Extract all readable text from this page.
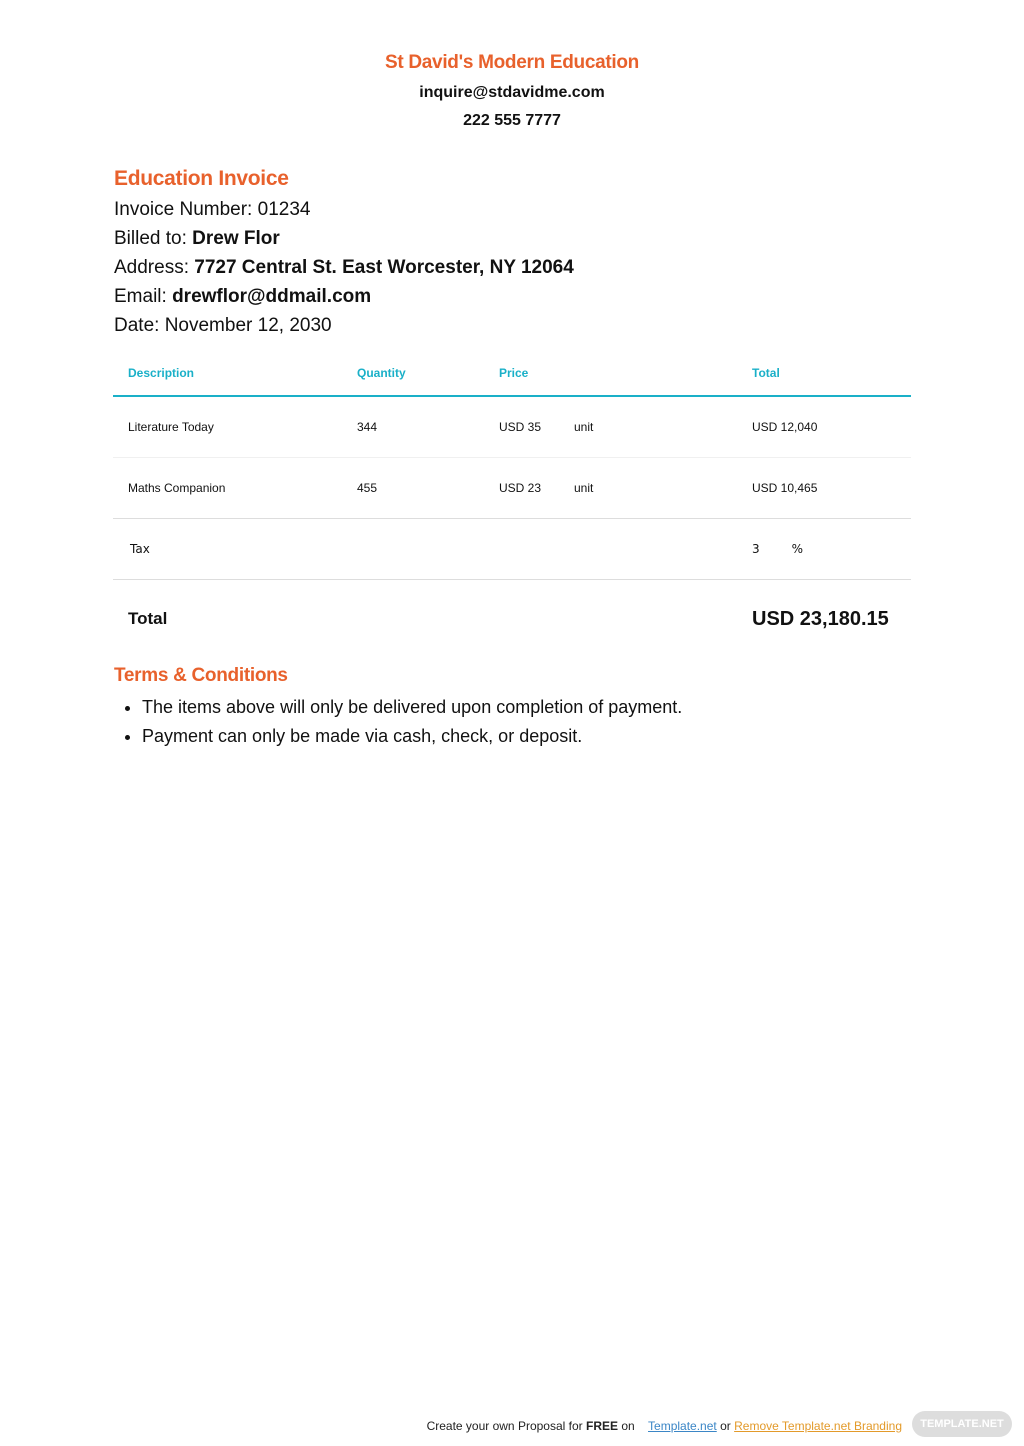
St David's Modern Education
inquire@stdavidme.com
222 555 7777
Education Invoice

Invoice Number: 01234

Billed to: Drew Flor

Address: 7727 Central St. East Worcester, NY 12064

Email: drewflor@ddmail.com

Date: November 12, 2030

Description	Quantity	Price		Total
Literature Today	344	USD 35	unit	USD 12,040
Maths Companion	455	USD 23	unit	USD 10,465
Tax				3 %
Total				USD 23,180.15
Terms & Conditions
• The items above will only be delivered upon completion of payment.
• Payment can only be made via cash, check, or deposit.
Create your own Proposal for FREE on Template.net or Remove Template.net Branding	TEMPLATE.NET
